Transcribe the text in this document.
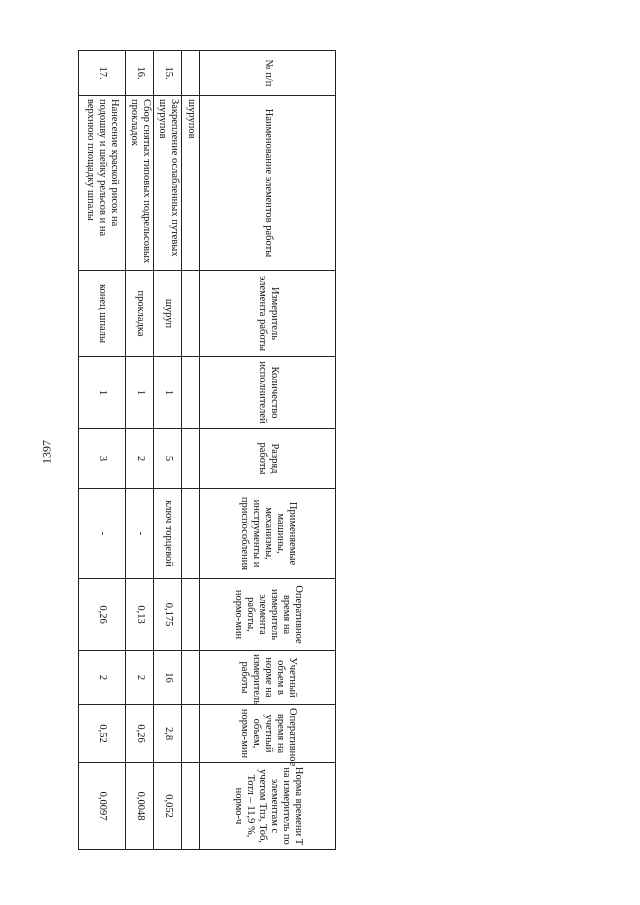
1397
№ п/п	Наименование элементов работы	Измеритель элемента работы	Количество исполнителей	Разряд работы	Применяемые машины, механизмы, инструменты и приспособления	Оперативное время на измеритель элемента работы, нормо-мин	Учетный объем в норме на измеритель работы	Оперативное время на учетный объем, нормо-мин	Норма времени Т на измеритель по элементам с учетом Тпз, Тоб, Тотл – 11,9 %, нормо-ч
	шурупов								
15.	Закрепление ослабленных путевых шурупов	шуруп	1	5	ключ торцевой	0,175	16	2,8	0,052
16.	Сбор снятых типовых подрельсовых прокладок	прокладка	1	2	-	0,13	2	0,26	0,0048
17.	Нанесение краской рисок на подошву и шейку рельсов и на верхнюю площадку шпалы	конец шпалы	1	3	-	0,26	2	0,52	0,0097
